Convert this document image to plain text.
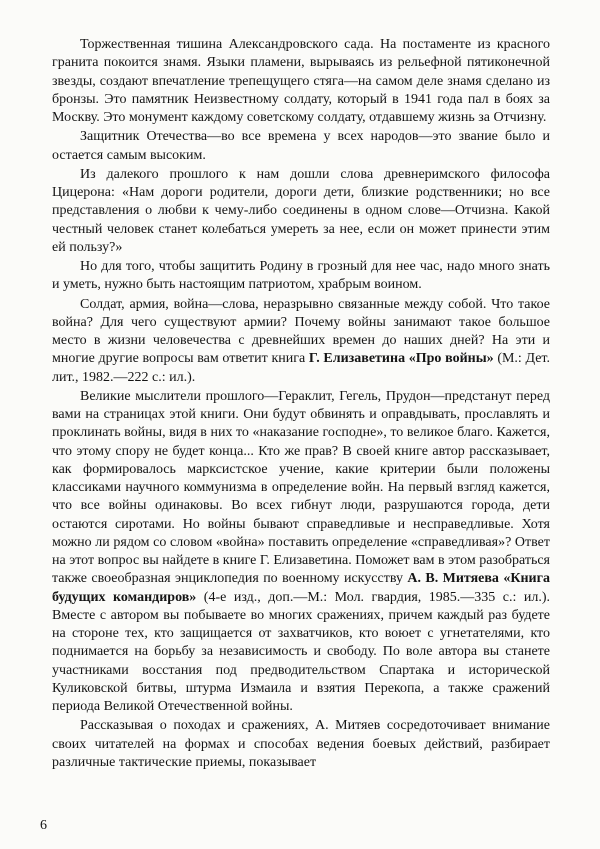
Торжественная тишина Александровского сада. На постаменте из красного гранита покоится знамя. Языки пламени, вырываясь из рельефной пятиконечной звезды, создают впечатление трепещущего стяга—на самом деле знамя сделано из бронзы. Это памятник Неизвестному солдату, который в 1941 года пал в боях за Москву. Это монумент каждому советскому солдату, отдавшему жизнь за Отчизну.

Защитник Отечества—во все времена у всех народов—это звание было и остается самым высоким.

Из далекого прошлого к нам дошли слова древнеримского философа Цицерона: «Нам дороги родители, дороги дети, близкие родственники; но все представления о любви к чему-либо соединены в одном слове—Отчизна. Какой честный человек станет колебаться умереть за нее, если он может принести этим ей пользу?»

Но для того, чтобы защитить Родину в грозный для нее час, надо много знать и уметь, нужно быть настоящим патриотом, храбрым воином.

Солдат, армия, война—слова, неразрывно связанные между собой. Что такое война? Для чего существуют армии? Почему войны занимают такое большое место в жизни человечества с древнейших времен до наших дней? На эти и многие другие вопросы вам ответит книга Г. Елизаветина «Про войны» (М.: Дет. лит., 1982.—222 с.: ил.).

Великие мыслители прошлого—Гераклит, Гегель, Прудон—предстанут перед вами на страницах этой книги. Они будут обвинять и оправдывать, прославлять и проклинать войны, видя в них то «наказание господне», то великое благо. Кажется, что этому спору не будет конца... Кто же прав? В своей книге автор рассказывает, как формировалось марксистское учение, какие критерии были положены классиками научного коммунизма в определение войн. На первый взгляд кажется, что все войны одинаковы. Во всех гибнут люди, разрушаются города, дети остаются сиротами. Но войны бывают справедливые и несправедливые. Хотя можно ли рядом со словом «война» поставить определение «справедливая»? Ответ на этот вопрос вы найдете в книге Г. Елизаветина. Поможет вам в этом разобраться также своеобразная энциклопедия по военному искусству А. В. Митяева «Книга будущих командиров» (4-е изд., доп.—М.: Мол. гвардия, 1985.—335 с.: ил.). Вместе с автором вы побываете во многих сражениях, причем каждый раз будете на стороне тех, кто защищается от захватчиков, кто воюет с угнетателями, кто поднимается на борьбу за независимость и свободу. По воле автора вы станете участниками восстания под предводительством Спартака и исторической Куликовской битвы, штурма Измаила и взятия Перекопа, а также сражений периода Великой Отечественной войны.

Рассказывая о походах и сражениях, А. Митяев сосредоточивает внимание своих читателей на формах и способах ведения боевых действий, разбирает различные тактические приемы, показывает

6
